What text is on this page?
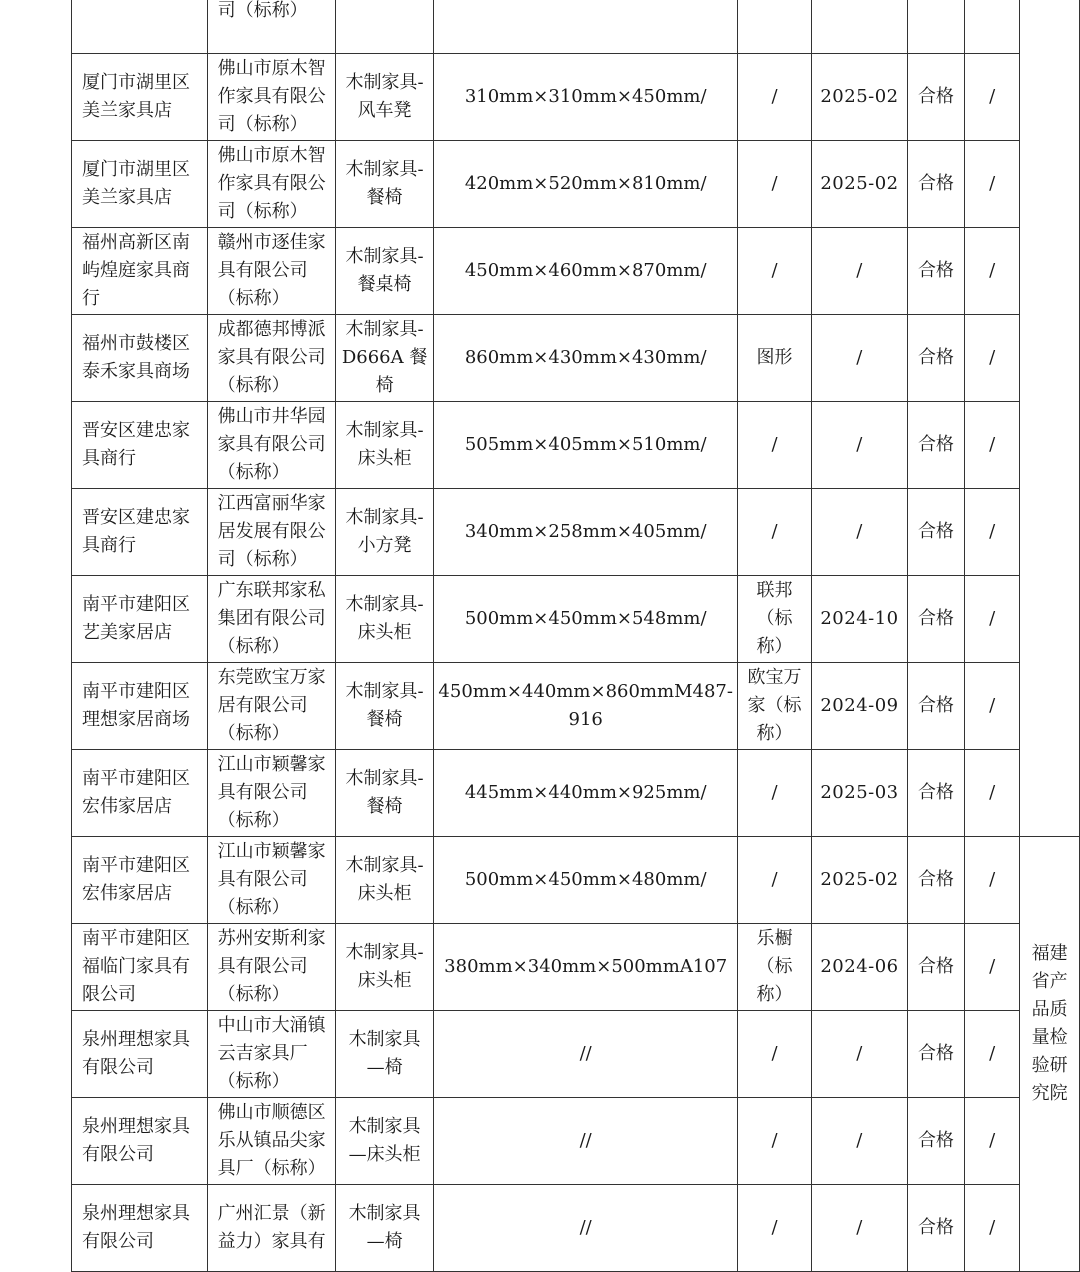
	司（标称）							

厦门市湖里区美兰家具店	佛山市原木智作家具有限公司（标称）	木制家具-风车凳	310mm×310mm×450mm/	/	2025-02	合格	/	
厦门市湖里区美兰家具店	佛山市原木智作家具有限公司（标称）	木制家具-餐椅	420mm×520mm×810mm/	/	2025-02	合格	/	
福州高新区南屿煌庭家具商行	赣州市逐佳家具有限公司（标称）	木制家具-餐桌椅	450mm×460mm×870mm/	/	/	合格	/	
福州市鼓楼区泰禾家具商场	成都德邦博派家具有限公司（标称）	木制家具-D666A 餐椅	860mm×430mm×430mm/	图形	/	合格	/	
晋安区建忠家具商行	佛山市井华园家具有限公司（标称）	木制家具-床头柜	505mm×405mm×510mm/	/	/	合格	/	
晋安区建忠家具商行	江西富丽华家居发展有限公司（标称）	木制家具-小方凳	340mm×258mm×405mm/	/	/	合格	/	
南平市建阳区艺美家居店	广东联邦家私集团有限公司（标称）	木制家具-床头柜	500mm×450mm×548mm/	联邦（标称）	2024-10	合格	/	
南平市建阳区理想家居商场	东莞欧宝万家居有限公司（标称）	木制家具-餐椅	450mm×440mm×860mmM487-916	欧宝万家（标称）	2024-09	合格	/	
南平市建阳区宏伟家居店	江山市颖馨家具有限公司（标称）	木制家具-餐椅	445mm×440mm×925mm/	/	2025-03	合格	/	
南平市建阳区宏伟家居店	江山市颖馨家具有限公司（标称）	木制家具-床头柜	500mm×450mm×480mm/	/	2025-02	合格	/	福建省产品质量检验研究院

南平市建阳区福临门家具有限公司	苏州安斯利家具有限公司（标称）	木制家具-床头柜	380mm×340mm×500mmA107	乐櫉（标称）	2024-06	合格	/	
泉州理想家具有限公司	中山市大涌镇云吉家具厂（标称）	木制家具—椅	//	/	/	合格	/	
泉州理想家具有限公司	佛山市顺德区乐从镇品尖家具厂（标称）	木制家具—床头柜	//	/	/	合格	/	
泉州理想家具有限公司	广州汇景（新益力）家具有	木制家具—椅	//	/	/	合格	/	
